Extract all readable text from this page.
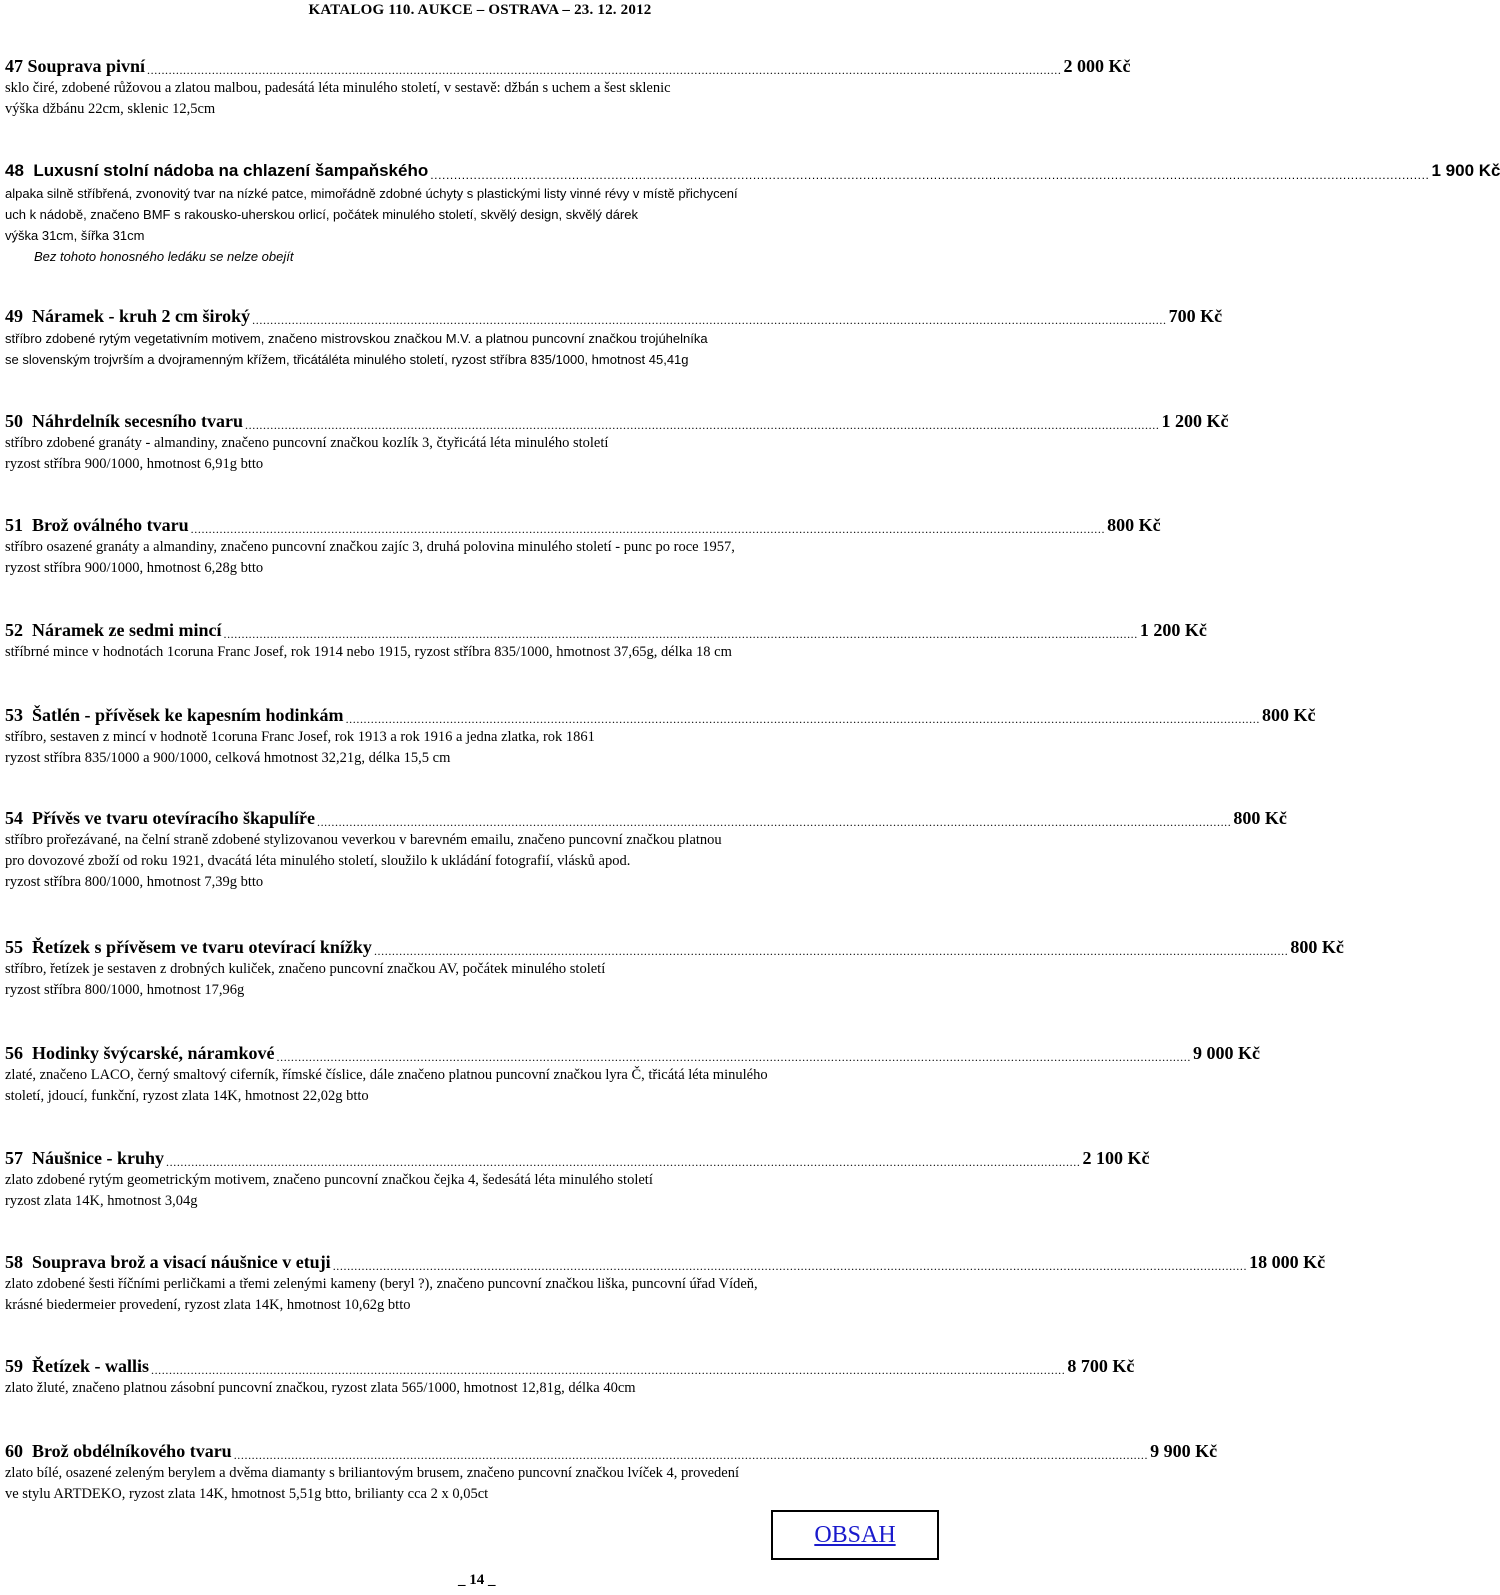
KATALOG 110. AUKCE – OSTRAVA – 23. 12. 2012
47 Souprava pivní .............................................................................................................................................................................................................................................................. 2 000 Kč
sklo čiré, zdobené růžovou a zlatou malbou, padesátá léta minulého století, v sestavě: džbán s uchem a šest sklenic
výška džbánu 22cm, sklenic 12,5cm
48 Luxusní stolní nádoba na chlazení šampaňského .............................................................................................................................................................................................................................................................. 1 900 Kč
alpaka silně stříbřená, zvonovitý tvar na nízké patce, mimořádně zdobné úchyty s plastickými listy vinné révy v místě přichycení
uch k nádobě, značeno BMF s rakousko-uherskou orlicí, počátek minulého století, skvělý design, skvělý dárek
výška 31cm, šířka 31cm
Bez tohoto honosného ledáku se nelze obejít
49 Náramek - kruh 2 cm široký .............................................................................................................................................................................................................................................................. 700 Kč
stříbro zdobené rytým vegetativním motivem, značeno mistrovskou značkou M.V. a platnou puncovní značkou trojúhelníka
se slovenským trojvrším a dvojramenným křížem, třicátáléta minulého století, ryzost stříbra 835/1000, hmotnost 45,41g
50 Náhrdelník secesního tvaru .............................................................................................................................................................................................................................................................. 1 200 Kč
stříbro zdobené granáty - almandiny, značeno puncovní značkou kozlík 3, čtyřicátá léta minulého století
ryzost stříbra 900/1000, hmotnost 6,91g btto
51 Brož oválného tvaru .............................................................................................................................................................................................................................................................. 800 Kč
stříbro osazené granáty a almandiny, značeno puncovní značkou zajíc 3, druhá polovina minulého století - punc po roce 1957,
ryzost stříbra 900/1000, hmotnost 6,28g btto
52 Náramek ze sedmi mincí .............................................................................................................................................................................................................................................................. 1 200 Kč
stříbrné mince v hodnotách 1coruna Franc Josef, rok 1914 nebo 1915, ryzost stříbra 835/1000, hmotnost 37,65g, délka 18 cm
53 Šatlén - přívěsek ke kapesním hodinkám .............................................................................................................................................................................................................................................................. 800 Kč
stříbro, sestaven z mincí v hodnotě 1coruna Franc Josef, rok 1913 a rok 1916 a jedna zlatka, rok 1861
ryzost stříbra 835/1000 a 900/1000, celková hmotnost 32,21g, délka 15,5 cm
54 Přívěs ve tvaru otevíracího škapulíře .............................................................................................................................................................................................................................................................. 800 Kč
stříbro prořezávané, na čelní straně zdobené stylizovanou veverkou v barevném emailu, značeno puncovní značkou platnou
pro dovozové zboží od roku 1921, dvacátá léta minulého století, sloužilo k ukládání fotografií, vlásků apod.
ryzost stříbra 800/1000, hmotnost 7,39g btto
55 Řetízek s přívěsem ve tvaru otevírací knížky .............................................................................................................................................................................................................................................................. 800 Kč
stříbro, řetízek je sestaven z drobných kuliček, značeno puncovní značkou AV, počátek minulého století
ryzost stříbra 800/1000, hmotnost 17,96g
56 Hodinky švýcarské, náramkové .............................................................................................................................................................................................................................................................. 9 000 Kč
zlaté, značeno LACO, černý smaltový ciferník, římské číslice, dále značeno platnou puncovní značkou lyra Č, třicátá léta minulého
století, jdoucí, funkční, ryzost zlata 14K, hmotnost 22,02g btto
57 Náušnice - kruhy .............................................................................................................................................................................................................................................................. 2 100 Kč
zlato zdobené rytým geometrickým motivem, značeno puncovní značkou čejka 4, šedesátá léta minulého století
ryzost zlata 14K, hmotnost 3,04g
58 Souprava brož a visací náušnice v etuji .............................................................................................................................................................................................................................................................. 18 000 Kč
zlato zdobené šesti říčními perličkami a třemi zelenými kameny (beryl ?), značeno puncovní značkou liška, puncovní úřad Vídeň,
krásné biedermeier provedení, ryzost zlata 14K, hmotnost 10,62g btto
59 Řetízek - wallis .............................................................................................................................................................................................................................................................. 8 700 Kč
zlato žluté, značeno platnou zásobní puncovní značkou, ryzost zlata 565/1000, hmotnost 12,81g, délka 40cm
60 Brož obdélníkového tvaru .............................................................................................................................................................................................................................................................. 9 900 Kč
zlato bílé, osazené zeleným berylem a dvěma diamanty s briliantovým brusem, značeno puncovní značkou lvíček 4, provedení
ve stylu ARTDEKO, ryzost zlata 14K, hmotnost 5,51g btto, brilianty cca 2 x 0,05ct
OBSAH
_ 14 _
